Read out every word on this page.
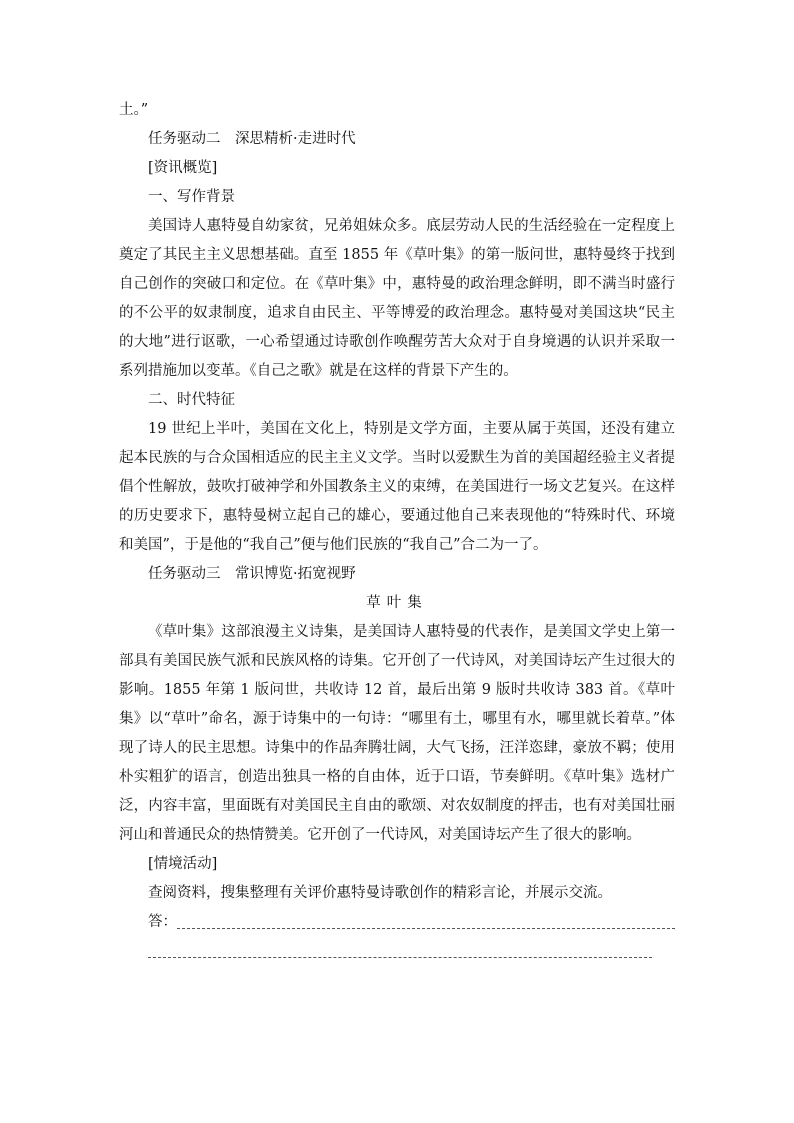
土。”
任务驱动二　深思精析·走进时代
[资讯概览]
一、写作背景

美国诗人惠特曼自幼家贫，兄弟姐妹众多。底层劳动人民的生活经验在一定程度上奠定了其民主主义思想基础。直至 1855 年《草叶集》的第一版问世，惠特曼终于找到自己创作的突破口和定位。在《草叶集》中，惠特曼的政治理念鲜明，即不满当时盛行的不公平的奴隶制度，追求自由民主、平等博爱的政治理念。惠特曼对美国这块“民主的大地”进行讴歌，一心希望通过诗歌创作唤醒劳苦大众对于自身境遇的认识并采取一系列措施加以变革。《自己之歌》就是在这样的背景下产生的。

二、时代特征

19 世纪上半叶，美国在文化上，特别是文学方面，主要从属于英国，还没有建立起本民族的与合众国相适应的民主主义文学。当时以爱默生为首的美国超经验主义者提倡个性解放，鼓吹打破神学和外国教条主义的束缚，在美国进行一场文艺复兴。在这样的历史要求下，惠特曼树立起自己的雄心，要通过他自己来表现他的“特殊时代、环境和美国”，于是他的“我自己”便与他们民族的“我自己”合二为一了。

任务驱动三　常识博览·拓宽视野
草叶集

《草叶集》这部浪漫主义诗集，是美国诗人惠特曼的代表作，是美国文学史上第一部具有美国民族气派和民族风格的诗集。它开创了一代诗风，对美国诗坛产生过很大的影响。1855 年第 1 版问世，共收诗 12 首，最后出第 9 版时共收诗 383 首。《草叶集》以“草叶”命名，源于诗集中的一句诗：“哪里有土，哪里有水，哪里就长着草。”体现了诗人的民主思想。诗集中的作品奔腾壮阔，大气飞扬，汪洋恣肆，豪放不羁；使用朴实粗犷的语言，创造出独具一格的自由体，近于口语，节奏鲜明。《草叶集》选材广泛，内容丰富，里面既有对美国民主自由的歌颂、对农奴制度的抨击，也有对美国壮丽河山和普通民众的热情赞美。它开创了一代诗风，对美国诗坛产生了很大的影响。

[情境活动]
查阅资料，搜集整理有关评价惠特曼诗歌创作的精彩言论，并展示交流。
答：
